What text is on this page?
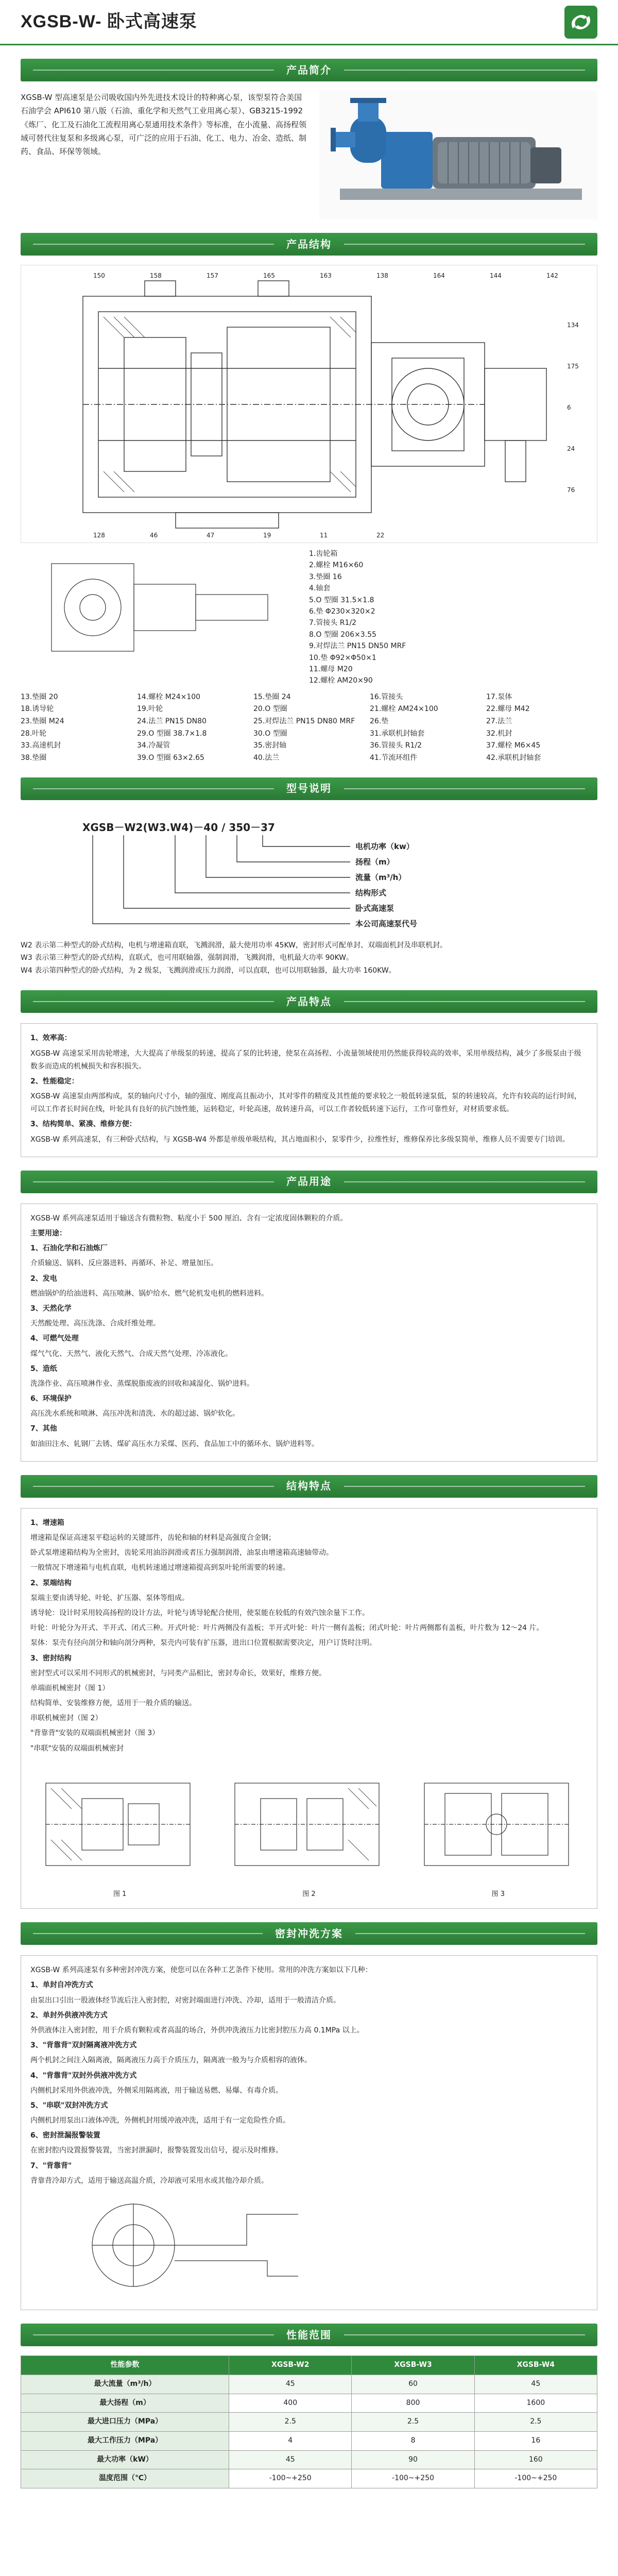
XGSB-W- 卧式高速泵
产品简介
XGSB-W 型高速泵是公司吸收国内外先进技术设计的特种离心泵，该型泵符合美国石油学会 API610 第八版（石油、重化学和天然气工业用离心泵）、GB3215-1992《炼厂、化工及石油化工流程用离心泵通用技术条件》等标准，在小流量、高扬程领域可替代往复泵和多级离心泵，可广泛的应用于石油、化工、电力、冶金、造纸、制药、食品、环保等领域。
产品结构
150	158	157	165	163	138	164	144	142
134
175
6
24
76
128	46	47	19	11	22
1.齿轮箱
2.螺栓 M16×60
3.垫圈 16
4.轴套
5.O 型圈 31.5×1.8
6.垫 Φ230×320×2
7.管接头 R1/2
8.O 型圈 206×3.55
9.对焊法兰 PN15 DN50 MRF
10.垫 Φ92×Φ50×1
11.螺母 M20
12.螺栓 AM20×90
13.垫圈 20	14.螺栓 M24×100	15.垫圈 24	16.管接头	17.泵体
18.诱导轮	19.叶轮	20.O 型圈	21.螺栓 AM24×100	22.螺母 M42
23.垫圈 M24	24.法兰 PN15 DN80	25.对焊法兰 PN15 DN80 MRF	26.垫	27.法兰
28.叶轮	29.O 型圈 38.7×1.8	30.O 型圈	31.承联机封轴套	32.机封
33.高速机封	34.冷凝管	35.密封轴	36.管接头 R1/2	37.螺栓 M6×45
38.垫圈	39.O 型圈 63×2.65	40.法兰	41.节流环组件	42.承联机封轴套
型号说明
XGSB－W2(W3.W4)－40 / 350－37
电机功率（kw）
扬程（m）
流量（m³/h）
结构形式
卧式高速泵
本公司高速泵代号

W2 表示第二种型式的卧式结构，电机与增速箱直联，飞溅润滑，最大使用功率 45KW，密封形式可配单封、双端面机封及串联机封。

W3 表示第三种型式的卧式结构，直联式，也可用联轴器，强制润滑，飞溅润滑，电机最大功率 90KW。

W4 表示第四种型式的卧式结构，为 2 级泵，飞溅润滑或压力润滑，可以直联，也可以用联轴器，最大功率 160KW。

产品特点

1、效率高：

XGSB-W 高速泵采用齿轮增速，大大提高了单级泵的转速，提高了泵的比转速，使泵在高扬程、小流量领域使用仍然能获得较高的效率，采用单级结构，减少了多级泵由于级数多而造成的机械损失和容积损失。

2、性能稳定：

XGSB-W 高速泵由两部构成，泵的轴向尺寸小，轴的强度、刚度高且振动小，其对零件的精度及其性能的要求较之一般低转速泵低，泵的转速较高，允许有较高的运行时间，可以工作者长时间在线，叶轮具有良好的抗汽蚀性能，运转稳定，叶轮高速，故转速升高，可以工作者较低转速下运行，工作可靠性好，对材质要求低。

3、结构简单、紧凑、维修方便：

XGSB-W 系列高速泵，有三种卧式结构，与 XGSB-W4 外都是单级单吸结构，其占地面积小，泵零件少，拉维性好，维修保养比多级泵简单，维修人员不需要专门培训。

产品用途

XGSB-W 系列高速泵适用于输送含有微粒物、粘度小于 500 厘泊、含有一定浓度固体颗粒的介质。

主要用途：

1、石油化学和石油炼厂

介质输送、锅料、反应器进料、再循环、补足、增量加压。

2、发电

燃油锅炉的给油进料、高压喷淋、锅炉给水、燃气轮机发电机的燃料进料。

3、天然化学

天然酸处理、高压洗涤、合成纤维处理。

4、可燃气处理

煤气气化、天然气、液化天然气、合成天然气处理、冷冻液化。

5、造纸

洗涤作业、高压喷淋作业、蒸煤脱脂废液的回收和减湿化、锅炉进料。

6、环境保护

高压洗水系统和喷淋、高压冲洗和清洗、水的超过滤、锅炉软化。

7、其他

如油田注水、轧钢厂去锈、煤矿高压水力采煤、医药、食品加工中的循环水、锅炉进料等。

结构特点

1、增速箱

增速箱是保证高速泵平稳运转的关键部件，齿轮和轴的材料是高强度合金钢；

卧式泵增速箱结构为全密封，齿轮采用油浴润滑或者压力强制润滑，油泵由增速箱高速轴带动。

一般情况下增速箱与电机直联，电机转速通过增速箱提高到泵叶轮所需要的转速。

2、泵端结构

泵端主要由诱导轮、叶轮、扩压器、泵体等组成。

诱导轮：设计时采用较高扬程的设计方法，叶轮与诱导轮配合使用，使泵能在较低的有效汽蚀余量下工作。

叶轮：叶轮分为开式、半开式、闭式三种。开式叶轮：叶片两侧没有盖板；半开式叶轮：叶片一侧有盖板；闭式叶轮：叶片两侧都有盖板，叶片数为 12～24 片。

泵体：泵壳有径向剖分和轴向剖分两种，泵壳内可装有扩压器，进出口位置根据需要决定，用户订货时注明。

3、密封结构

密封型式可以采用不同形式的机械密封，与同类产品相比，密封寿命长，效果好，维修方便。

单端面机械密封（图 1）

结构简单、安装维修方便，适用于一般介质的输送。

串联机械密封（图 2）

"背靠背"安装的双端面机械密封（图 3）

"串联"安装的双端面机械密封

图 1	图 2	图 3
密封冲洗方案

XGSB-W 系列高速泵有多种密封冲洗方案，使您可以在各种工艺条件下使用。常用的冲洗方案如以下几种：

1、单封自冲洗方式

由泵出口引出一股液体经节流后注入密封腔，对密封端面进行冲洗、冷却，适用于一般清洁介质。

2、单封外供液冲洗方式

外供液体注入密封腔，用于介质有颗粒或者高温的场合，外供冲洗液压力比密封腔压力高 0.1MPa 以上。

3、"背靠背"双封隔离液冲洗方式

两个机封之间注入隔离液，隔离液压力高于介质压力，隔离液一般为与介质相容的液体。

4、"背靠背"双封外供液冲洗方式

内侧机封采用外供液冲洗，外侧采用隔离液，用于输送易燃、易爆、有毒介质。

5、"串联"双封冲洗方式

内侧机封用泵出口液体冲洗，外侧机封用缓冲液冲洗，适用于有一定危险性介质。

6、密封泄漏报警装置

在密封腔内设置报警装置，当密封泄漏时，报警装置发出信号，提示及时维修。

7、"背靠背"

背靠背冷却方式，适用于输送高温介质，冷却液可采用水或其他冷却介质。

性能范围
性能参数	XGSB-W2	XGSB-W3	XGSB-W4
最大流量（m³/h）	45	60	45
最大扬程（m）	400	800	1600
最大进口压力（MPa）	2.5	2.5	2.5
最大工作压力（MPa）	4	8	16
最大功率（kW）	45	90	160
温度范围（℃）	-100~+250	-100~+250	-100~+250
